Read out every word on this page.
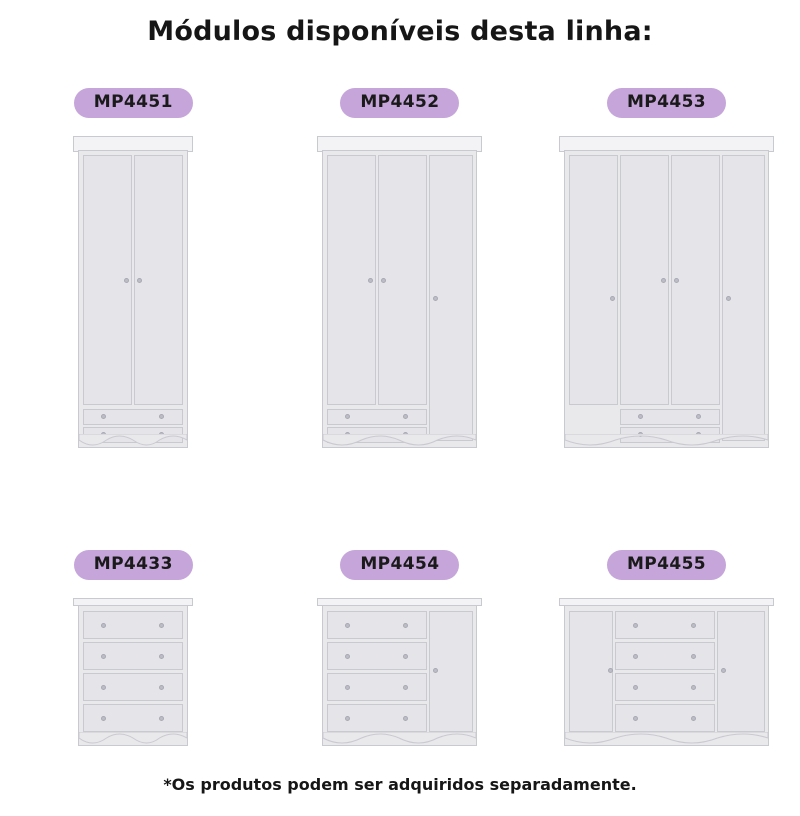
Módulos disponíveis desta linha:
MP4451	MP4452	MP4453
MP4433	MP4454	MP4455
*Os produtos podem ser adquiridos separadamente.
